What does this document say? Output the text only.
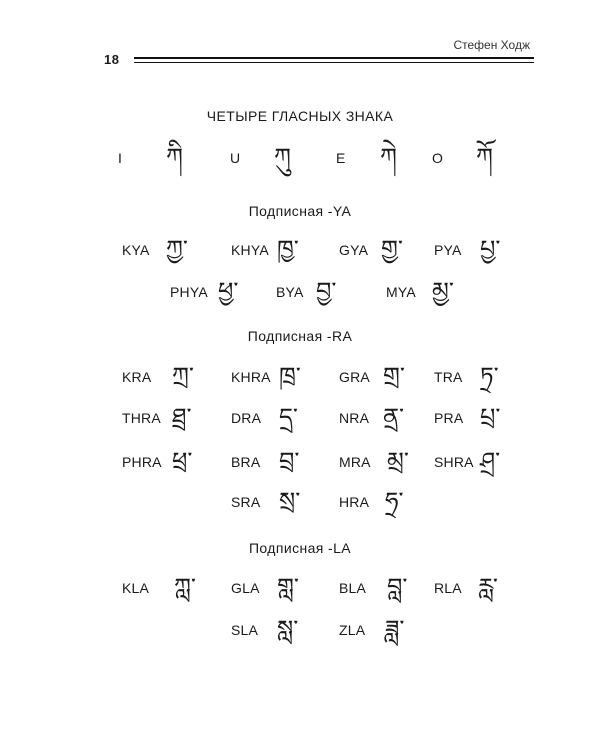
18
Стефен Ходж
ЧЕТЫРЕ ГЛАСНЫХ ЗНАКА
I ཀི	U ཀུ	E ཀེ	O ཀོ
Подписная -YA
KYA ཀྱ་	KHYA ཁྱ་	GYA གྱ་ PYA པྱ་
PHYA ཕྱ་	BYA བྱ་	MYA མྱ་
Подписная -RA
KRA ཀྲ་	KHRA ཁྲ་	GRA གྲ་ TRA ཏྲ་
THRA ཐྲ་	DRA དྲ་	NRA ནྲ་ PRA པྲ་
PHRA ཕྲ་	BRA བྲ་	MRA མྲ་ SHRA ཤྲ་
SRA སྲ་	HRA ཧྲ་
Подписная -LA
KLA ཀླ་	GLA གླ་	BLA བླ་ RLA རླ་
SLA སླ་	ZLA ཟླ་
